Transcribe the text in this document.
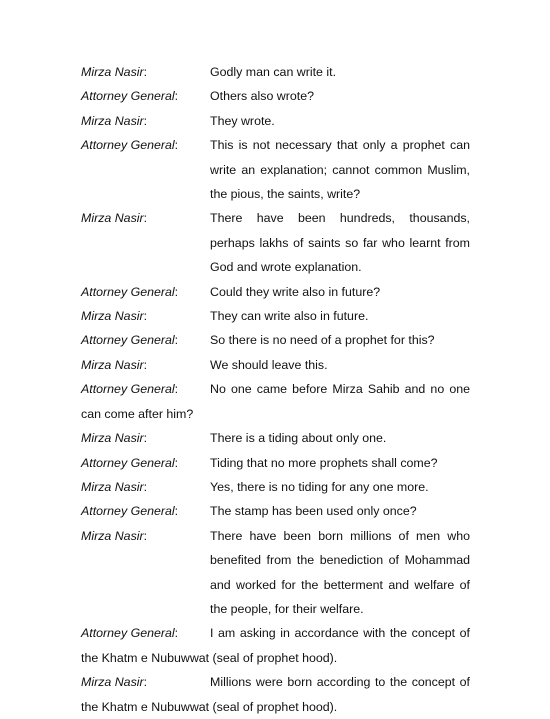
Mirza Nasir:	Godly man can write it.
Attorney General:	Others also wrote?
Mirza Nasir:	They wrote.
Attorney General:	This is not necessary that only a prophet can write an explanation; cannot common Muslim, the pious, the saints, write?
Mirza Nasir:	There have been hundreds, thousands, perhaps lakhs of saints so far who learnt from God and wrote explanation.
Attorney General:	Could they write also in future?
Mirza Nasir:	They can write also in future.
Attorney General:	So there is no need of a prophet for this?
Mirza Nasir:	We should leave this.
Attorney General:	No one came before Mirza Sahib and no one can come after him?
Mirza Nasir:	There is a tiding about only one.
Attorney General:	Tiding that no more prophets shall come?
Mirza Nasir:	Yes, there is no tiding for any one more.
Attorney General:	The stamp has been used only once?
Mirza Nasir:	There have been born millions of men who benefited from the benediction of Mohammad and worked for the betterment and welfare of the people, for their welfare.
Attorney General:	I am asking in accordance with the concept of the Khatm e Nubuwwat (seal of prophet hood).
Mirza Nasir:	Millions were born according to the concept of the Khatm e Nubuwwat (seal of prophet hood).
